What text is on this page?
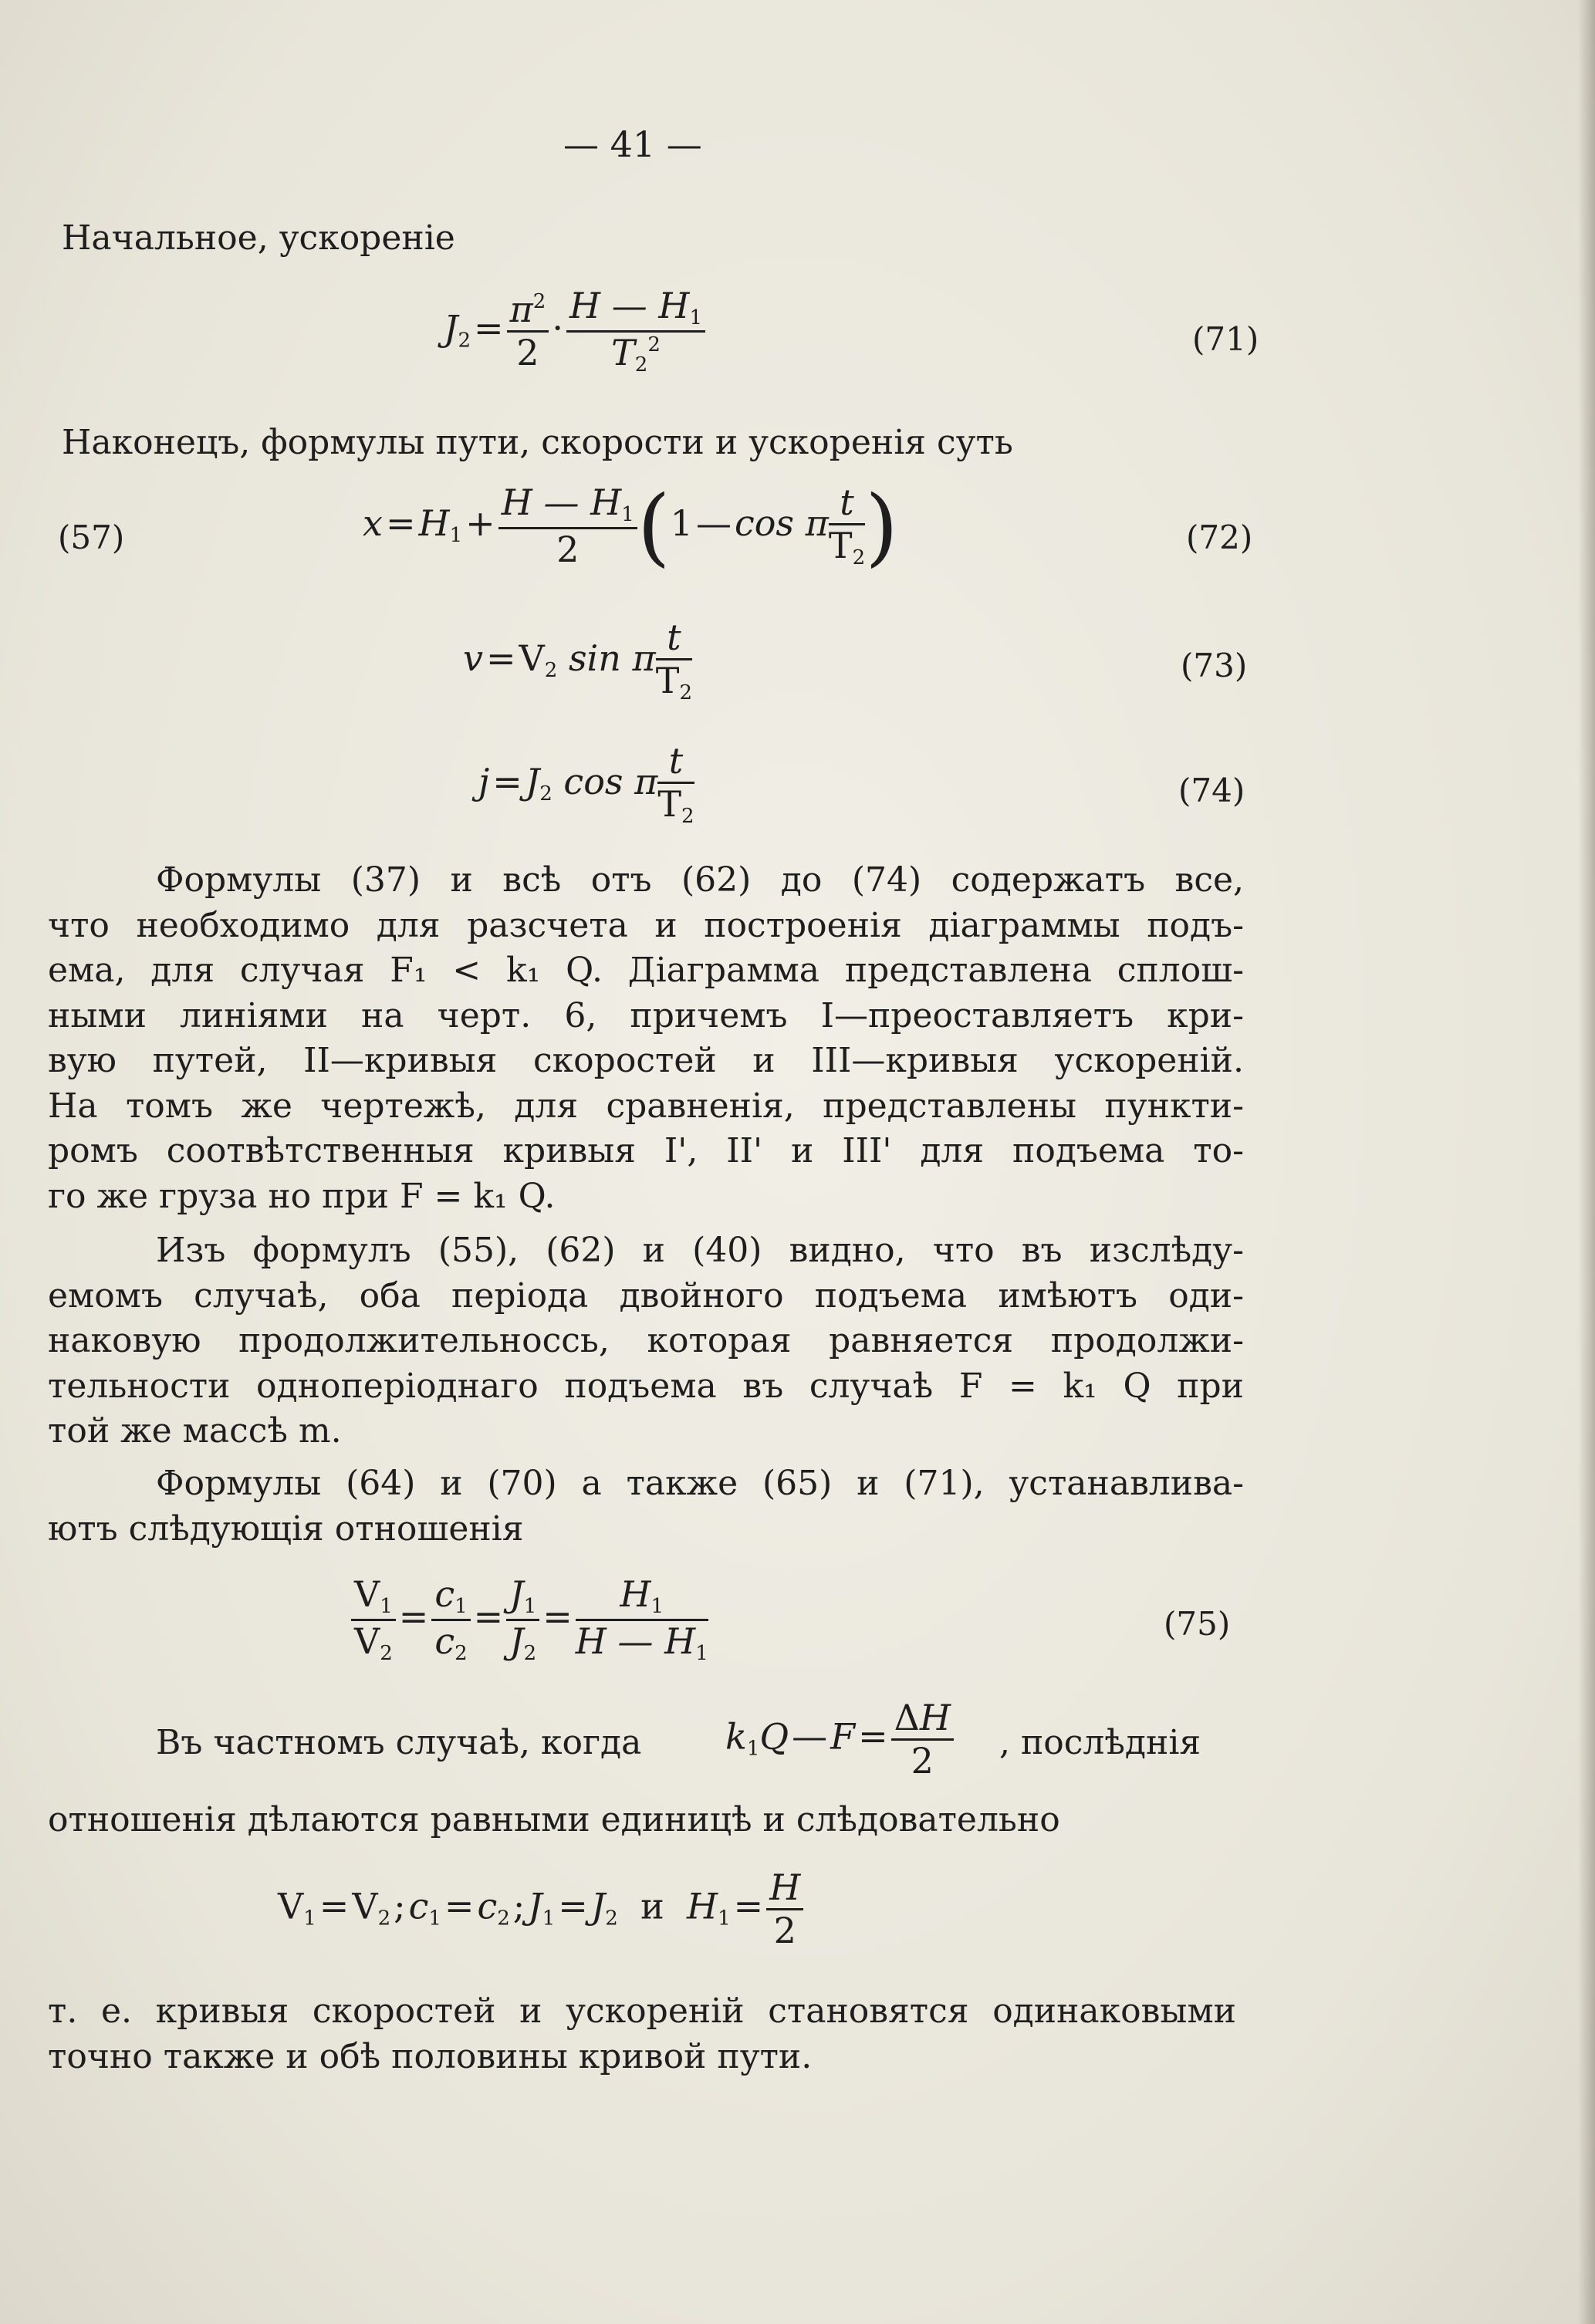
— 41 —
Начальное, ускореніе
$J_2= \frac{\pi^2}{2} \cdot \frac{H — H_1}{T_2^2}$	(71)
Наконецъ, формулы пути, скорости и ускоренія суть
(57)	$x=H_1+ \frac{H — H_1}{2}$ (1—cos π $\frac{t}{T_2}$ )	(72)
$v=V_2$ sin π $\frac{t}{T_2}$	(73)
$j=J_2$ cos π $\frac{t}{T_2}$	(74)
Формулы (37) и всѣ отъ (62) до (74) содержатъ все,
что необходимо для разсчета и построенія діаграммы подъ-
ема, для случая F₁ < k₁ Q. Діаграмма представлена сплош-
ными линіями на черт. 6, причемъ I—преоставляетъ кри-
вую путей, II—кривыя скоростей и III—кривыя ускореній.
На томъ же чертежѣ, для сравненія, представлены пункти-
ромъ соотвѣтственныя кривыя I', II' и III' для подъема то-
го же груза но при F = k₁ Q.
Изъ формулъ (55), (62) и (40) видно, что въ изслѣду-
емомъ случаѣ, оба періода двойного подъема имѣютъ оди-
наковую продолжительноссь, которая равняется продолжи-
тельности одноперіоднаго подъема въ случаѣ F = k₁ Q при
той же массѣ m.
Формулы (64) и (70) а также (65) и (71), устанавлива-
ютъ слѣдующія отношенія
$\frac{V_1}{V_2} = \frac{c_1}{c_2} = \frac{J_1}{J_2} = \frac{H_1}{H — H_1}$	(75)
Въ частномъ случаѣ, когда $k_1Q—F= \frac{\Delta H}{2}$ , послѣднія
отношенія дѣлаются равными единицѣ и слѣдовательно
$V_1=V_2;c_1=c_2;J_1=J_2$ и  $H_1= \frac{H}{2}$
т. е. кривыя скоростей и ускореній становятся одинаковыми
точно также и обѣ половины кривой пути.
